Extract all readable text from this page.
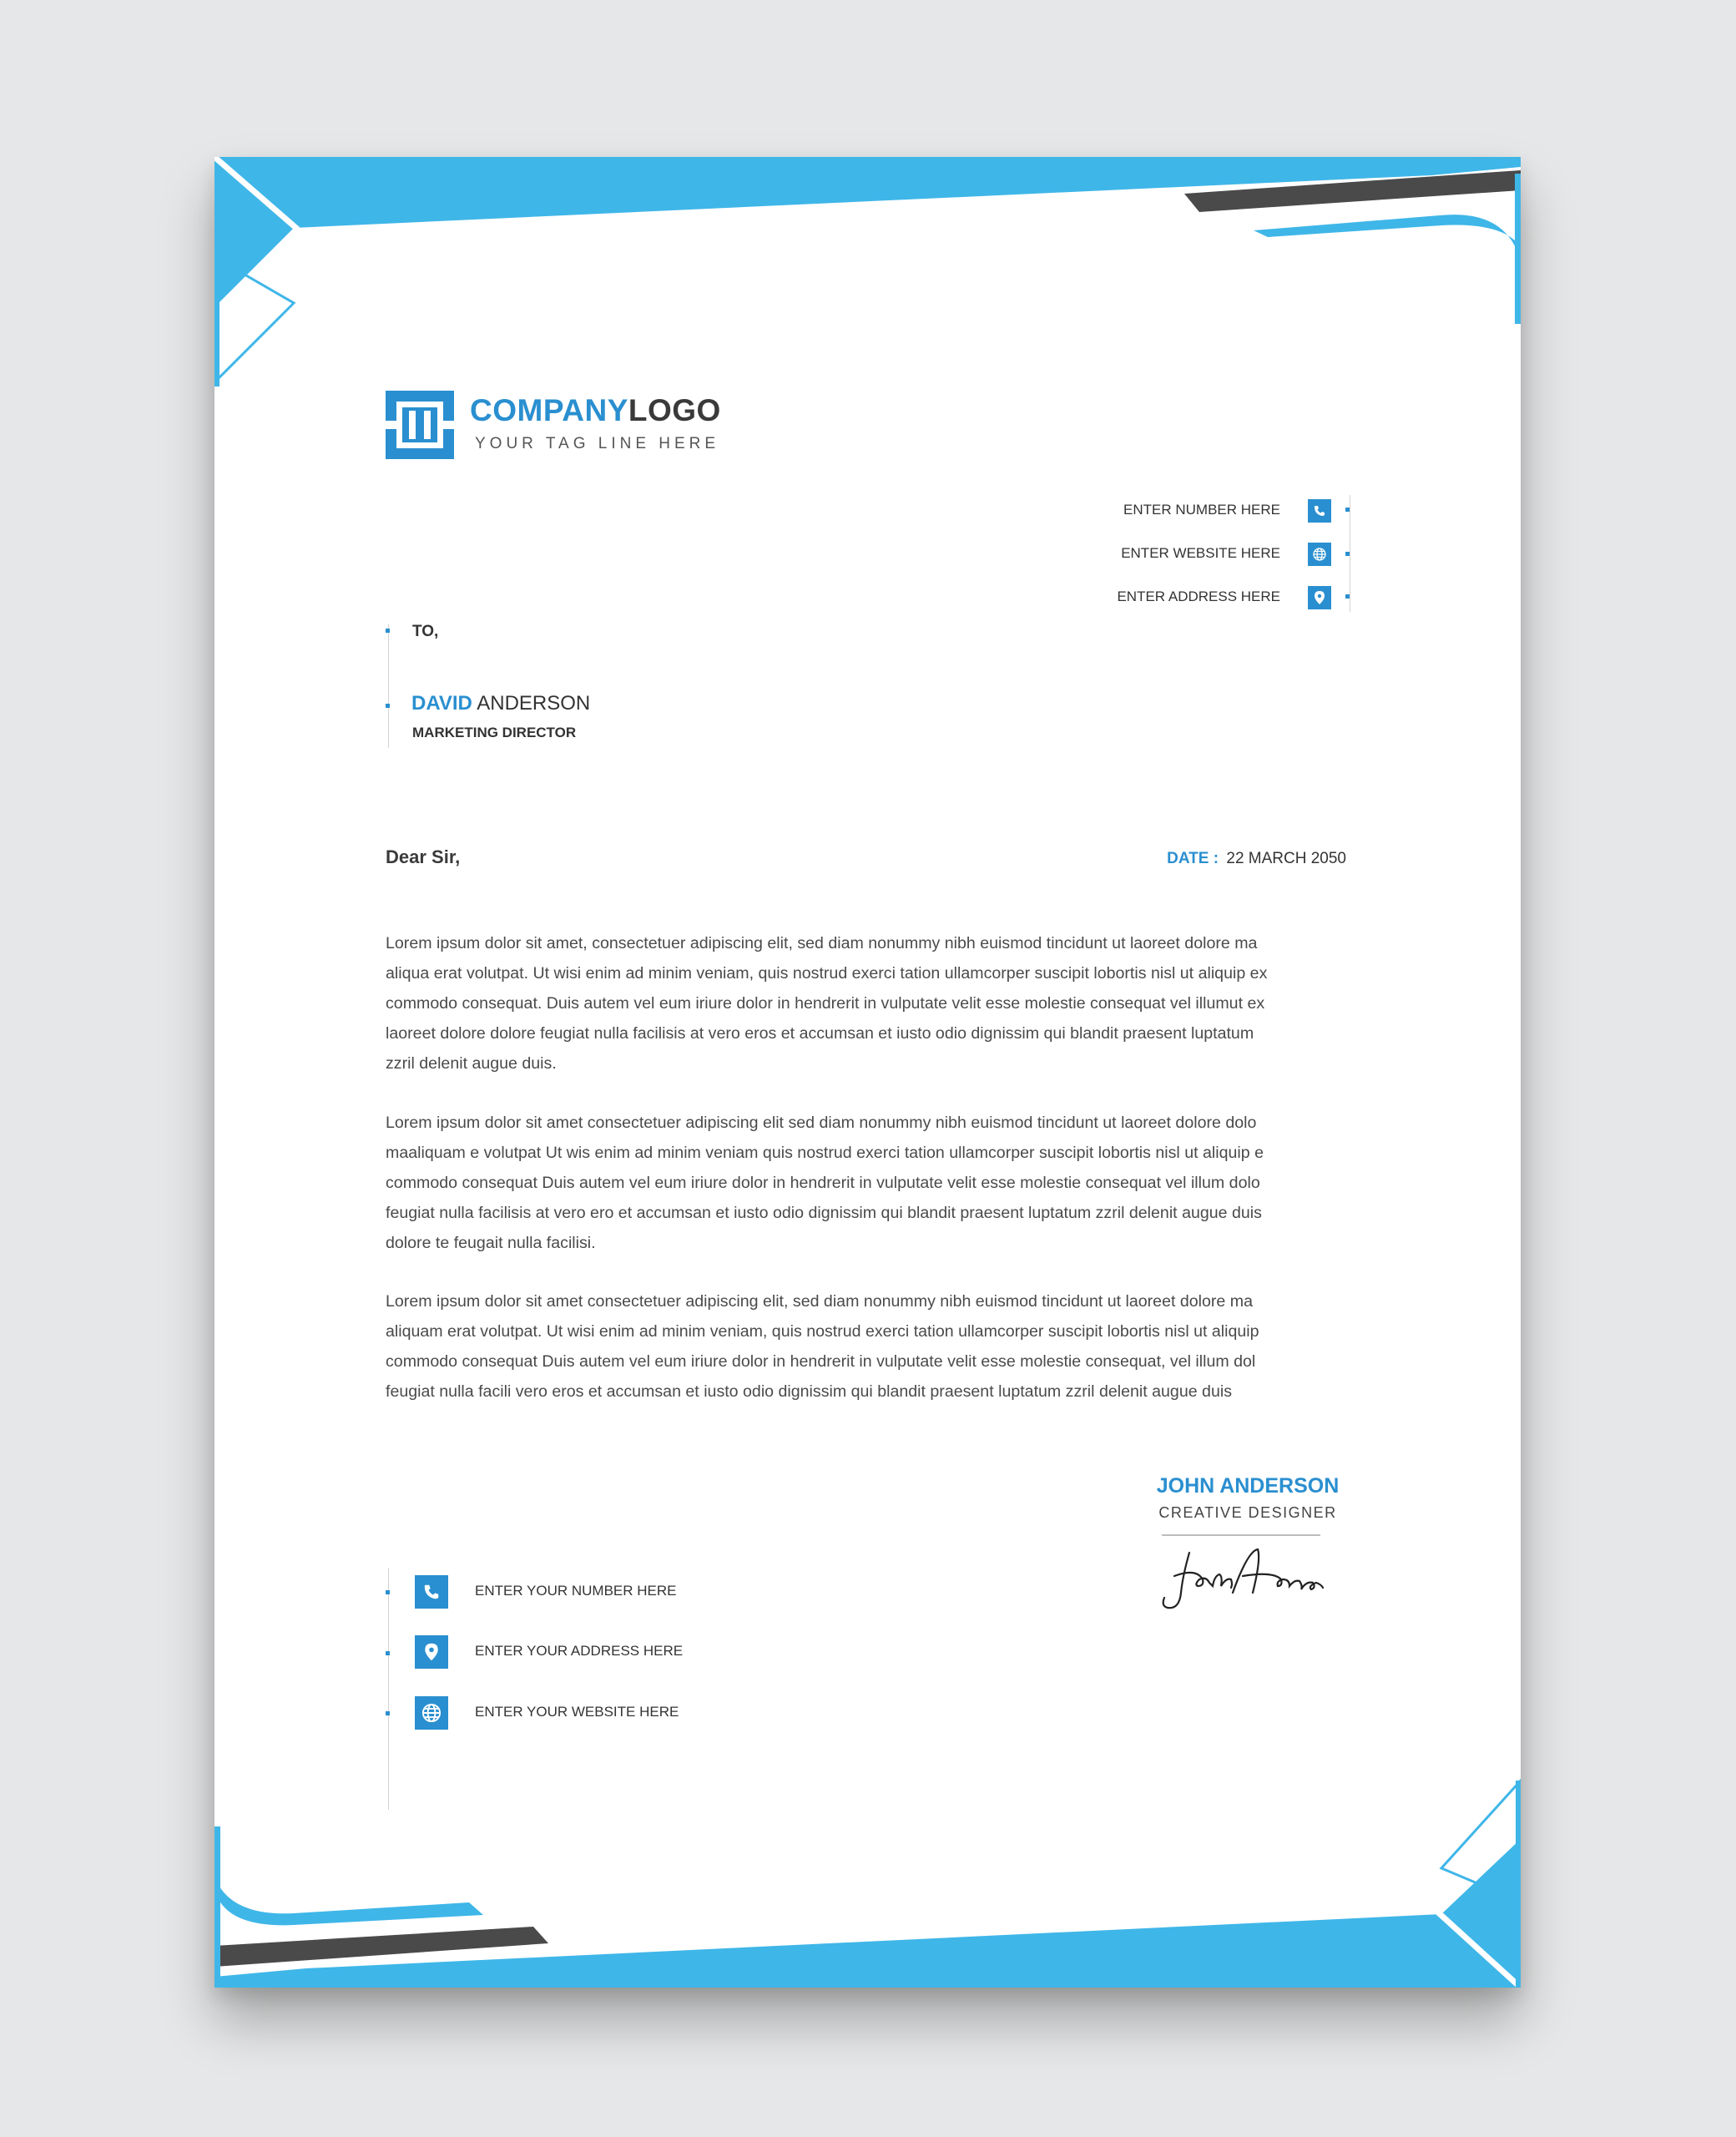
COMPANYLOGO
YOUR TAG LINE HERE
ENTER NUMBER HERE
ENTER WEBSITE HERE
ENTER ADDRESS HERE
TO,
DAVID ANDERSON
MARKETING DIRECTOR
Dear Sir,	DATE : 22 MARCH 2050
Lorem ipsum dolor sit amet, consectetuer adipiscing elit, sed diam nonummy nibh euismod tincidunt ut laoreet dolore ma
aliqua erat volutpat. Ut wisi enim ad minim veniam, quis nostrud exerci tation ullamcorper suscipit lobortis nisl ut aliquip ex
commodo consequat. Duis autem vel eum iriure dolor in hendrerit in vulputate velit esse molestie consequat vel illumut ex
laoreet dolore dolore feugiat nulla facilisis at vero eros et accumsan et iusto odio dignissim qui blandit praesent luptatum
zzril delenit augue duis.
Lorem ipsum dolor sit amet consectetuer adipiscing elit sed diam nonummy nibh euismod tincidunt ut laoreet dolore dolo
maaliquam e volutpat Ut wis enim ad minim veniam quis nostrud exerci tation ullamcorper suscipit lobortis nisl ut aliquip e
commodo consequat Duis autem vel eum iriure dolor in hendrerit in vulputate velit esse molestie consequat vel illum dolo
feugiat nulla facilisis at vero ero et accumsan et iusto odio dignissim qui blandit praesent luptatum zzril delenit augue duis
dolore te feugait nulla facilisi.
Lorem ipsum dolor sit amet consectetuer adipiscing elit, sed diam nonummy nibh euismod tincidunt ut laoreet dolore ma
aliquam erat volutpat. Ut wisi enim ad minim veniam, quis nostrud exerci tation ullamcorper suscipit lobortis nisl ut aliquip
commodo consequat Duis autem vel eum iriure dolor in hendrerit in vulputate velit esse molestie consequat, vel illum dol
feugiat nulla facili vero eros et accumsan et iusto odio dignissim qui blandit praesent luptatum zzril delenit augue duis
JOHN ANDERSON
CREATIVE DESIGNER
ENTER YOUR NUMBER HERE
ENTER YOUR ADDRESS HERE
ENTER YOUR WEBSITE HERE
